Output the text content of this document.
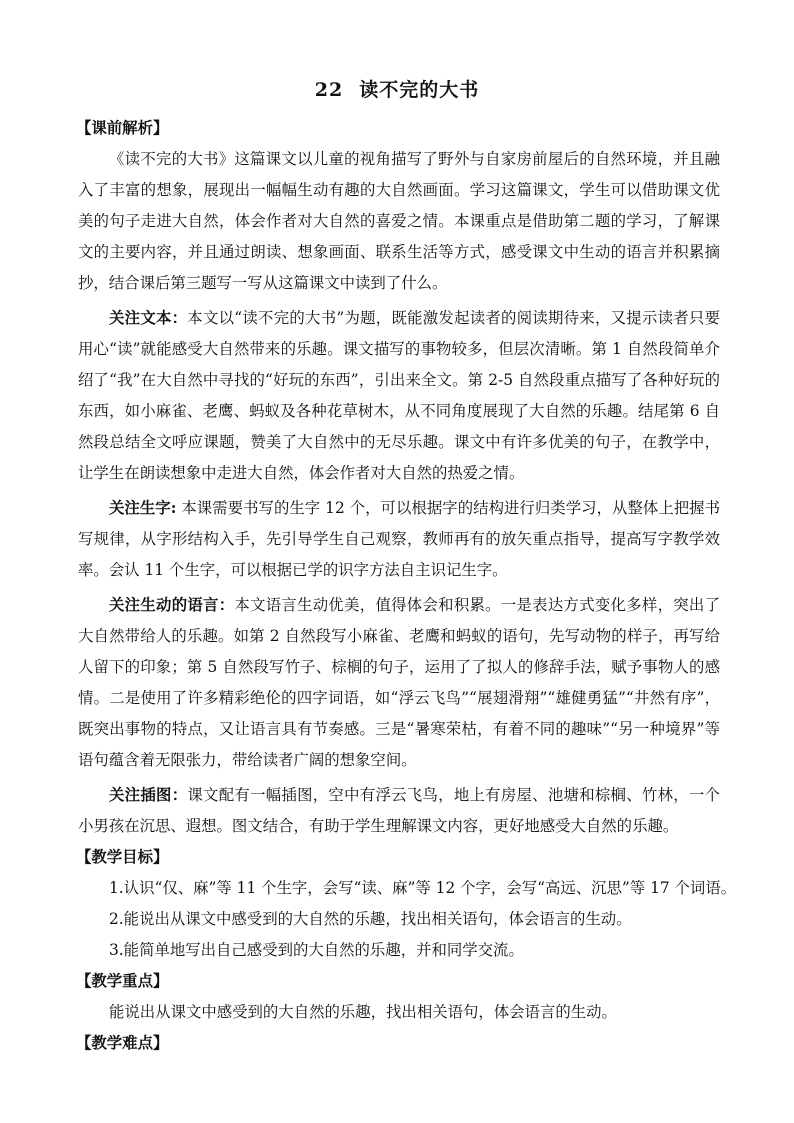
22 读不完的大书

【课前解析】

《读不完的大书》这篇课文以儿童的视角描写了野外与自家房前屋后的自然环境，并且融入了丰富的想象，展现出一幅幅生动有趣的大自然画面。学习这篇课文，学生可以借助课文优美的句子走进大自然，体会作者对大自然的喜爱之情。本课重点是借助第二题的学习，了解课文的主要内容，并且通过朗读、想象画面、联系生活等方式，感受课文中生动的语言并积累摘抄，结合课后第三题写一写从这篇课文中读到了什么。

关注文本：本文以“读不完的大书”为题，既能激发起读者的阅读期待来，又提示读者只要用心“读”就能感受大自然带来的乐趣。课文描写的事物较多，但层次清晰。第 1 自然段简单介绍了“我”在大自然中寻找的“好玩的东西”，引出来全文。第 2-5 自然段重点描写了各种好玩的东西，如小麻雀、老鹰、蚂蚁及各种花草树木，从不同角度展现了大自然的乐趣。结尾第 6 自然段总结全文呼应课题，赞美了大自然中的无尽乐趣。课文中有许多优美的句子，在教学中，让学生在朗读想象中走进大自然，体会作者对大自然的热爱之情。

关注生字: 本课需要书写的生字 12 个，可以根据字的结构进行归类学习，从整体上把握书写规律，从字形结构入手，先引导学生自己观察，教师再有的放矢重点指导，提高写字教学效率。会认 11 个生字，可以根据已学的识字方法自主识记生字。

关注生动的语言：本文语言生动优美，值得体会和积累。一是表达方式变化多样，突出了大自然带给人的乐趣。如第 2 自然段写小麻雀、老鹰和蚂蚁的语句，先写动物的样子，再写给人留下的印象；第 5 自然段写竹子、棕榈的句子，运用了了拟人的修辞手法，赋予事物人的感情。二是使用了许多精彩绝伦的四字词语，如“浮云飞鸟”“展翅滑翔”“雄健勇猛”“井然有序”，既突出事物的特点，又让语言具有节奏感。三是“暑寒荣枯，有着不同的趣味”“另一种境界”等语句蕴含着无限张力，带给读者广阔的想象空间。

关注插图：课文配有一幅插图，空中有浮云飞鸟，地上有房屋、池塘和棕榈、竹林，一个小男孩在沉思、遐想。图文结合，有助于学生理解课文内容，更好地感受大自然的乐趣。

【教学目标】

1.认识“仅、麻”等 11 个生字，会写“读、麻”等 12 个字，会写“高远、沉思”等 17 个词语。

2.能说出从课文中感受到的大自然的乐趣，找出相关语句，体会语言的生动。

3.能简单地写出自己感受到的大自然的乐趣，并和同学交流。

【教学重点】

能说出从课文中感受到的大自然的乐趣，找出相关语句，体会语言的生动。

【教学难点】
